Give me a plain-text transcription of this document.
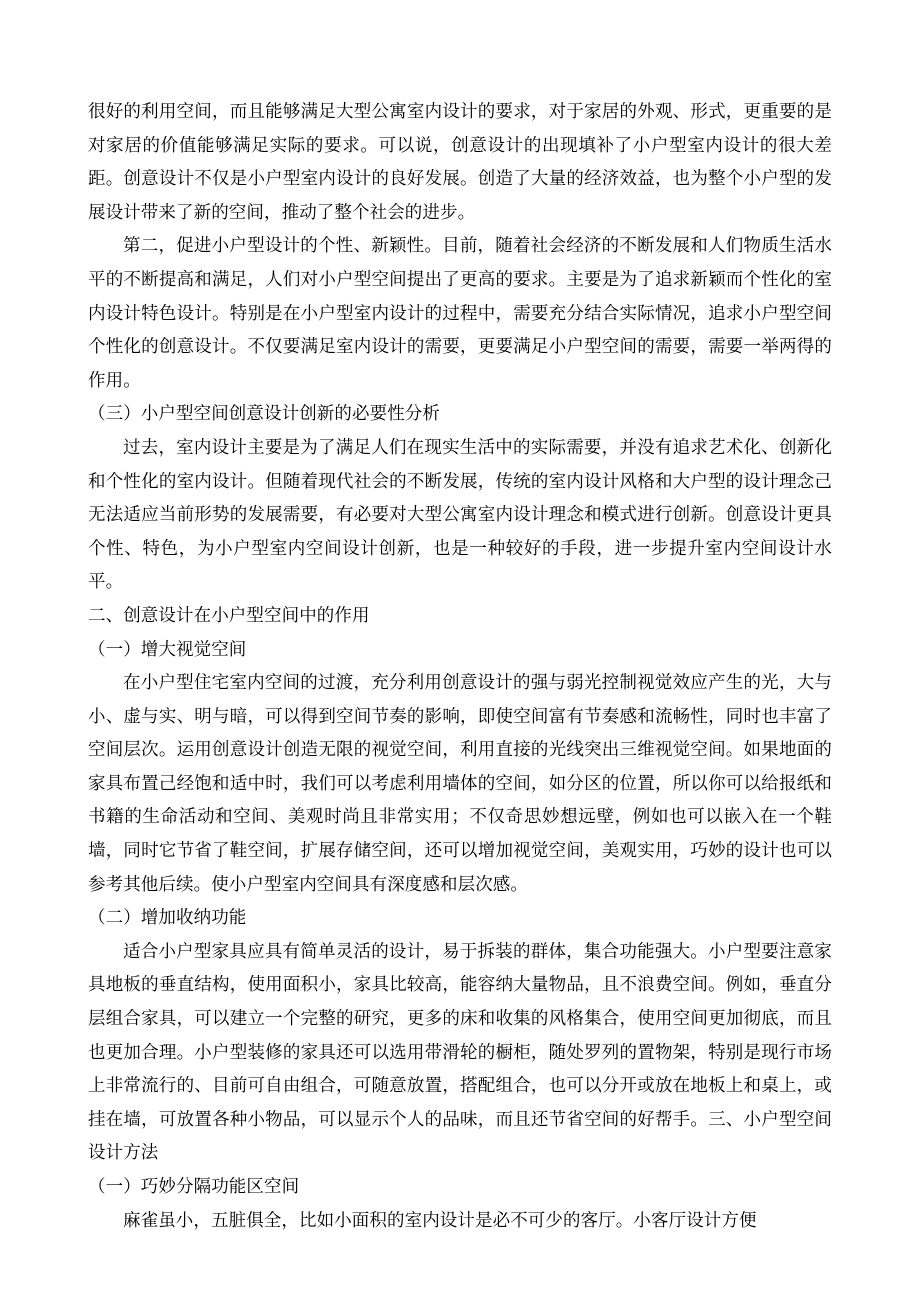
很好的利用空间，而且能够满足大型公寓室内设计的要求，对于家居的外观、形式，更重要的是对家居的价值能够满足实际的要求。可以说，创意设计的出现填补了小户型室内设计的很大差距。创意设计不仅是小户型室内设计的良好发展。创造了大量的经济效益，也为整个小户型的发展设计带来了新的空间，推动了整个社会的进步。

第二，促进小户型设计的个性、新颖性。目前，随着社会经济的不断发展和人们物质生活水平的不断提高和满足，人们对小户型空间提出了更高的要求。主要是为了追求新颖而个性化的室内设计特色设计。特别是在小户型室内设计的过程中，需要充分结合实际情况，追求小户型空间个性化的创意设计。不仅要满足室内设计的需要，更要满足小户型空间的需要，需要一举两得的作用。

（三）小户型空间创意设计创新的必要性分析

过去，室内设计主要是为了满足人们在现实生活中的实际需要，并没有追求艺术化、创新化和个性化的室内设计。但随着现代社会的不断发展，传统的室内设计风格和大户型的设计理念己无法适应当前形势的发展需要，有必要对大型公寓室内设计理念和模式进行创新。创意设计更具个性、特色，为小户型室内空间设计创新，也是一种较好的手段，进一步提升室内空间设计水平。

二、创意设计在小户型空间中的作用

（一）增大视觉空间

在小户型住宅室内空间的过渡，充分利用创意设计的强与弱光控制视觉效应产生的光，大与小、虚与实、明与暗，可以得到空间节奏的影响，即使空间富有节奏感和流畅性，同时也丰富了空间层次。运用创意设计创造无限的视觉空间，利用直接的光线突出三维视觉空间。如果地面的家具布置己经饱和适中时，我们可以考虑利用墙体的空间，如分区的位置，所以你可以给报纸和书籍的生命活动和空间、美观时尚且非常实用；不仅奇思妙想远壁，例如也可以嵌入在一个鞋墙，同时它节省了鞋空间，扩展存储空间，还可以增加视觉空间，美观实用，巧妙的设计也可以参考其他后续。使小户型室内空间具有深度感和层次感。

（二）增加收纳功能

适合小户型家具应具有简单灵活的设计，易于拆装的群体，集合功能强大。小户型要注意家具地板的垂直结构，使用面积小，家具比较高，能容纳大量物品，且不浪费空间。例如，垂直分层组合家具，可以建立一个完整的研究，更多的床和收集的风格集合，使用空间更加彻底，而且也更加合理。小户型装修的家具还可以选用带滑轮的橱柜，随处罗列的置物架，特别是现行市场上非常流行的、目前可自由组合，可随意放置，搭配组合，也可以分开或放在地板上和桌上，或挂在墙，可放置各种小物品，可以显示个人的品味，而且还节省空间的好帮手。三、小户型空间设计方法

（一）巧妙分隔功能区空间

麻雀虽小，五脏俱全，比如小面积的室内设计是必不可少的客厅。小客厅设计方便
